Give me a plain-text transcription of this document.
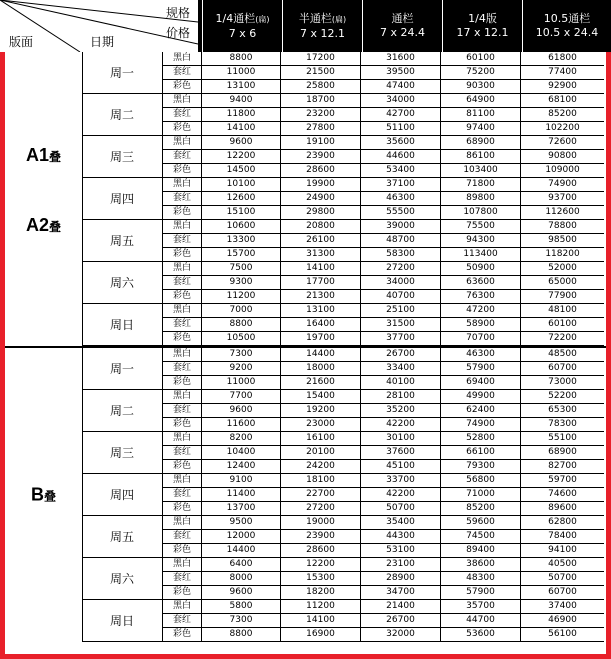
规格
价格
版面	日期
1/4通栏(扁)
7 x 6
半通栏(扁)
7 x 12.1
通栏
7 x 24.4
1/4版
17 x 12.1
10.5通栏
10.5 x 24.4
A1叠
A2叠
周一
黑白	8800	17200	31600	60100	61800
套红	11000	21500	39500	75200	77400
彩色	13100	25800	47400	90300	92900
周二
黑白	9400	18700	34000	64900	68100
套红	11800	23200	42700	81100	85200
彩色	14100	27800	51100	97400	102200
周三
黑白	9600	19100	35600	68900	72600
套红	12200	23900	44600	86100	90800
彩色	14500	28600	53400	103400	109000
周四
黑白	10100	19900	37100	71800	74900
套红	12600	24900	46300	89800	93700
彩色	15100	29800	55500	107800	112600
周五
黑白	10600	20800	39000	75500	78800
套红	13300	26100	48700	94300	98500
彩色	15700	31300	58300	113400	118200
周六
黑白	7500	14100	27200	50900	52000
套红	9300	17700	34000	63600	65000
彩色	11200	21300	40700	76300	77900
周日
黑白	7000	13100	25100	47200	48100
套红	8800	16400	31500	58900	60100
彩色	10500	19700	37700	70700	72200
B叠
周一
黑白	7300	14400	26700	46300	48500
套红	9200	18000	33400	57900	60700
彩色	11000	21600	40100	69400	73000
周二
黑白	7700	15400	28100	49900	52200
套红	9600	19200	35200	62400	65300
彩色	11600	23000	42200	74900	78300
周三
黑白	8200	16100	30100	52800	55100
套红	10400	20100	37600	66100	68900
彩色	12400	24200	45100	79300	82700
周四
黑白	9100	18100	33700	56800	59700
套红	11400	22700	42200	71000	74600
彩色	13700	27200	50700	85200	89600
周五
黑白	9500	19000	35400	59600	62800
套红	12000	23900	44300	74500	78400
彩色	14400	28600	53100	89400	94100
周六
黑白	6400	12200	23100	38600	40500
套红	8000	15300	28900	48300	50700
彩色	9600	18200	34700	57900	60700
周日
黑白	5800	11200	21400	35700	37400
套红	7300	14100	26700	44700	46900
彩色	8800	16900	32000	53600	56100
